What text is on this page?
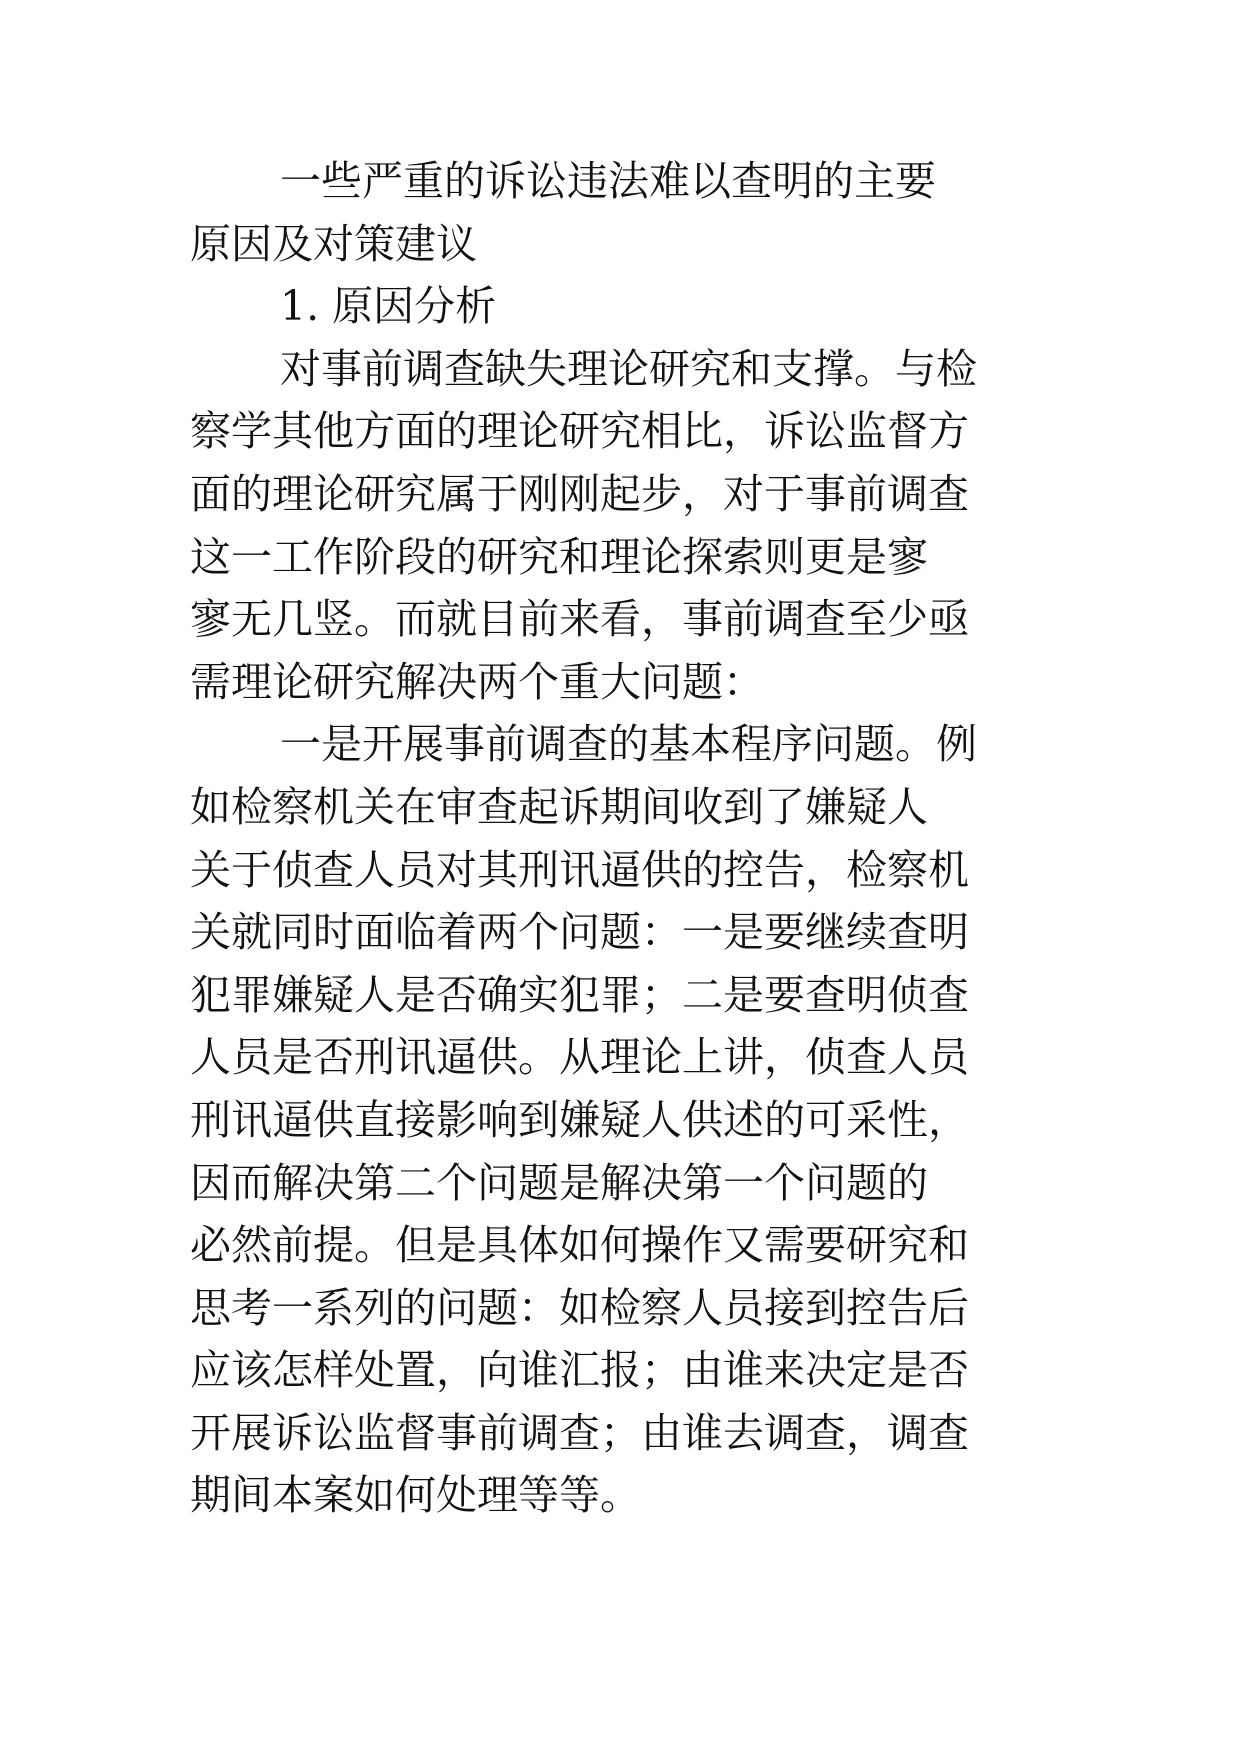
一些严重的诉讼违法难以查明的主要
原因及对策建议
1. 原因分析
对事前调查缺失理论研究和支撑。与检
察学其他方面的理论研究相比，诉讼监督方
面的理论研究属于刚刚起步，对于事前调查
这一工作阶段的研究和理论探索则更是寥
寥无几竖。而就目前来看，事前调查至少亟
需理论研究解决两个重大问题：
一是开展事前调查的基本程序问题。例
如检察机关在审查起诉期间收到了嫌疑人
关于侦查人员对其刑讯逼供的控告，检察机
关就同时面临着两个问题：一是要继续查明
犯罪嫌疑人是否确实犯罪；二是要查明侦查
人员是否刑讯逼供。从理论上讲，侦查人员
刑讯逼供直接影响到嫌疑人供述的可采性，
因而解决第二个问题是解决第一个问题的
必然前提。但是具体如何操作又需要研究和
思考一系列的问题：如检察人员接到控告后
应该怎样处置，向谁汇报；由谁来决定是否
开展诉讼监督事前调查；由谁去调查，调查
期间本案如何处理等等。
